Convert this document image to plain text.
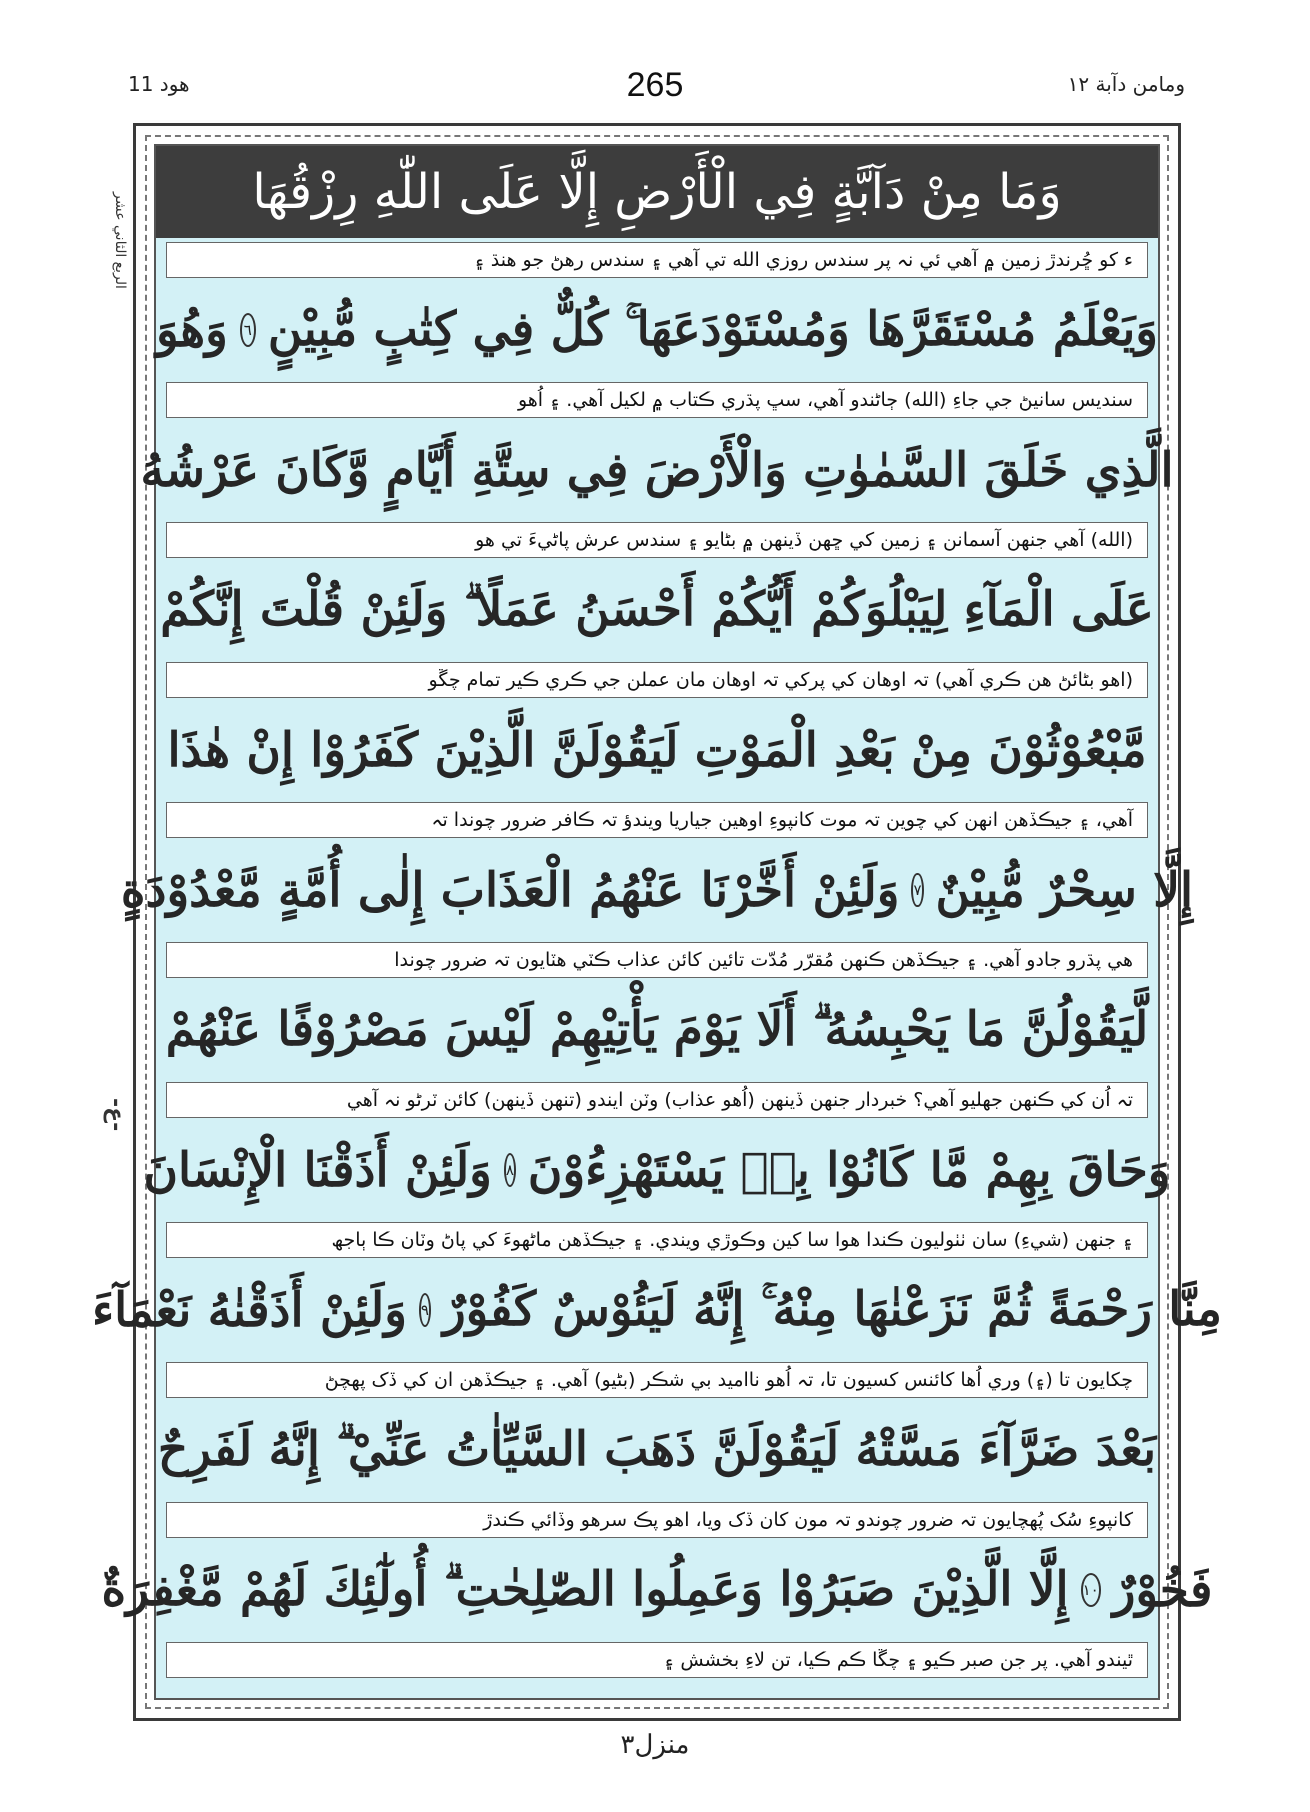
هود 11	265	ومامن دآبة ١٢
الربع الثاني عشر
-ع-
وَمَا مِنْ دَآبَّةٍ فِي الْأَرْضِ إِلَّا عَلَى اللّٰهِ رِزْقُهَا
ء كو ڇُرندڙ زمين ۾ آهي ئي نہ پر سندس روزي الله تي آهي ۽ سندس رهڻ جو هنڌ ۽
وَيَعْلَمُ مُسْتَقَرَّهَا وَمُسْتَوْدَعَهَا ۚ كُلٌّ فِي كِتٰبٍ مُّبِيْنٍ
٦
وَهُوَ
سنديس سانيڻ جي جاءِ (الله) ڄاڻندو آهي، سڀ پڌري ڪتاب ۾ لکيل آهي. ۽ اُهو
الَّذِي خَلَقَ السَّمٰوٰتِ وَالْأَرْضَ فِي سِتَّةِ أَيَّامٍ وَّكَانَ عَرْشُهُ
(الله) آهي جنهن آسمانن ۽ زمين کي ڇهن ڏينهن ۾ بڻايو ۽ سندس عرش پاڻيءَ تي هو
عَلَى الْمَآءِ لِيَبْلُوَكُمْ أَيُّكُمْ أَحْسَنُ عَمَلًا ۗ وَلَئِنْ قُلْتَ إِنَّكُمْ
(اهو بڻائڻ هن ڪري آهي) تہ اوهان کي پرکي تہ اوهان مان عملن جي ڪري ڪير تمام چڱو
مَّبْعُوْثُوْنَ مِنْ بَعْدِ الْمَوْتِ لَيَقُوْلَنَّ الَّذِيْنَ كَفَرُوْا إِنْ هٰذَا
آهي، ۽ جيڪڏهن انهن کي چوين تہ موت کانپوءِ اوهين جياريا ويندؤ تہ ڪافر ضرور چوندا تہ
إِلَّا سِحْرٌ مُّبِيْنٌ
٧
وَلَئِنْ أَخَّرْنَا عَنْهُمُ الْعَذَابَ إِلٰى أُمَّةٍ مَّعْدُوْدَةٍ
هي پڌرو جادو آهي. ۽ جيڪڏهن ڪنهن مُقرّر مُدّت تائين کائن عذاب ڪٽي هٽايون تہ ضرور چوندا
لَّيَقُوْلُنَّ مَا يَحْبِسُهُ ۗ أَلَا يَوْمَ يَأْتِيْهِمْ لَيْسَ مَصْرُوْفًا عَنْهُمْ
تہ اُن کي ڪنهن جهليو آهي؟ خبردار جنهن ڏينهن (اُهو عذاب) وٽن ايندو (تنهن ڏينهن) کائن ٽرڻو نہ آهي
وَحَاقَ بِهِمْ مَّا كَانُوْا بِهٖ يَسْتَهْزِءُوْنَ
٨
وَلَئِنْ أَذَقْنَا الْإِنْسَانَ
۽ جنهن (شيءِ) سان ٺٺوليون ڪندا هوا سا کين وڪوڙي ويندي. ۽ جيڪڏهن ماڻهوءَ کي پاڻ وٽان ڪا ٻاجھ
مِنَّا رَحْمَةً ثُمَّ نَزَعْنٰهَا مِنْهُ ۚ إِنَّهُ لَيَئُوْسٌ كَفُوْرٌ
٩
وَلَئِنْ أَذَقْنٰهُ نَعْمَآءَ
چکايون تا (۽) وري اُها کائنس کسيون تا، تہ اُهو نااميد بي شڪر (بڻيو) آهي. ۽ جيڪڏهن ان کي ڏک پهچڻ
بَعْدَ ضَرَّآءَ مَسَّتْهُ لَيَقُوْلَنَّ ذَهَبَ السَّيِّاٰتُ عَنِّيْ ۗ إِنَّهُ لَفَرِحٌ
کانپوءِ سُک پُهچايون تہ ضرور چوندو تہ مون کان ڏک ويا، اهو پڪ سرهو وڏائي ڪندڙ
فَخُوْرٌ
١٠
إِلَّا الَّذِيْنَ صَبَرُوْا وَعَمِلُوا الصّٰلِحٰتِ ۗ أُولٰٓئِكَ لَهُمْ مَّغْفِرَةٌ
ٿيندو آهي. پر جن صبر ڪيو ۽ چڱا ڪم ڪيا، تن لاءِ بخشش ۽
منزل٣
